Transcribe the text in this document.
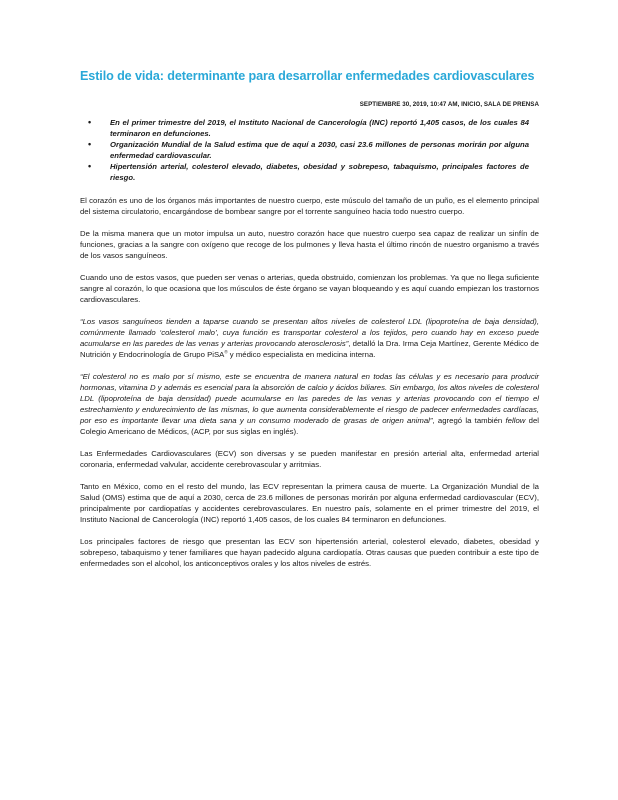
Estilo de vida: determinante para desarrollar enfermedades cardiovasculares
SEPTIEMBRE 30, 2019, 10:47 AM, INICIO, SALA DE PRENSA
• En el primer trimestre del 2019, el Instituto Nacional de Cancerología (INC) reportó 1,405 casos, de los cuales 84 terminaron en defunciones.
• Organización Mundial de la Salud estima que de aquí a 2030, casi 23.6 millones de personas morirán por alguna enfermedad cardiovascular.
• Hipertensión arterial, colesterol elevado, diabetes, obesidad y sobrepeso, tabaquismo, principales factores de riesgo.

El corazón es uno de los órganos más importantes de nuestro cuerpo, este músculo del tamaño de un puño, es el elemento principal del sistema circulatorio, encargándose de bombear sangre por el torrente sanguíneo hacia todo nuestro cuerpo.

De la misma manera que un motor impulsa un auto, nuestro corazón hace que nuestro cuerpo sea capaz de realizar un sinfín de funciones, gracias a la sangre con oxígeno que recoge de los pulmones y lleva hasta el último rincón de nuestro organismo a través de los vasos sanguíneos.

Cuando uno de estos vasos, que pueden ser venas o arterias, queda obstruido, comienzan los problemas. Ya que no llega suficiente sangre al corazón, lo que ocasiona que los músculos de éste órgano se vayan bloqueando y es aquí cuando empiezan los trastornos cardiovasculares.

“Los vasos sanguíneos tienden a taparse cuando se presentan altos niveles de colesterol LDL (lipoproteína de baja densidad), comúnmente llamado ‘colesterol malo’, cuya función es transportar colesterol a los tejidos, pero cuando hay en exceso puede acumularse en las paredes de las venas y arterias provocando aterosclerosis”, detalló la Dra. Irma Ceja Martínez, Gerente Médico de Nutrición y Endocrinología de Grupo PiSA® y médico especialista en medicina interna.

“El colesterol no es malo por sí mismo, este se encuentra de manera natural en todas las células y es necesario para producir hormonas, vitamina D y además es esencial para la absorción de calcio y ácidos biliares. Sin embargo, los altos niveles de colesterol LDL (lipoproteína de baja densidad) puede acumularse en las paredes de las venas y arterias provocando con el tiempo el estrechamiento y endurecimiento de las mismas, lo que aumenta considerablemente el riesgo de padecer enfermedades cardíacas, por eso es importante llevar una dieta sana y un consumo moderado de grasas de origen animal”, agregó la también fellow del Colegio Americano de Médicos, (ACP, por sus siglas en inglés).

Las Enfermedades Cardiovasculares (ECV) son diversas y se pueden manifestar en presión arterial alta, enfermedad arterial coronaria, enfermedad valvular, accidente cerebrovascular y arritmias.

Tanto en México, como en el resto del mundo, las ECV representan la primera causa de muerte. La Organización Mundial de la Salud (OMS) estima que de aquí a 2030, cerca de 23.6 millones de personas morirán por alguna enfermedad cardiovascular (ECV), principalmente por cardiopatías y accidentes cerebrovasculares. En nuestro país, solamente en el primer trimestre del 2019, el Instituto Nacional de Cancerología (INC) reportó 1,405 casos, de los cuales 84 terminaron en defunciones.

Los principales factores de riesgo que presentan las ECV son hipertensión arterial, colesterol elevado, diabetes, obesidad y sobrepeso, tabaquismo y tener familiares que hayan padecido alguna cardiopatía. Otras causas que pueden contribuir a este tipo de enfermedades son el alcohol, los anticonceptivos orales y los altos niveles de estrés.
